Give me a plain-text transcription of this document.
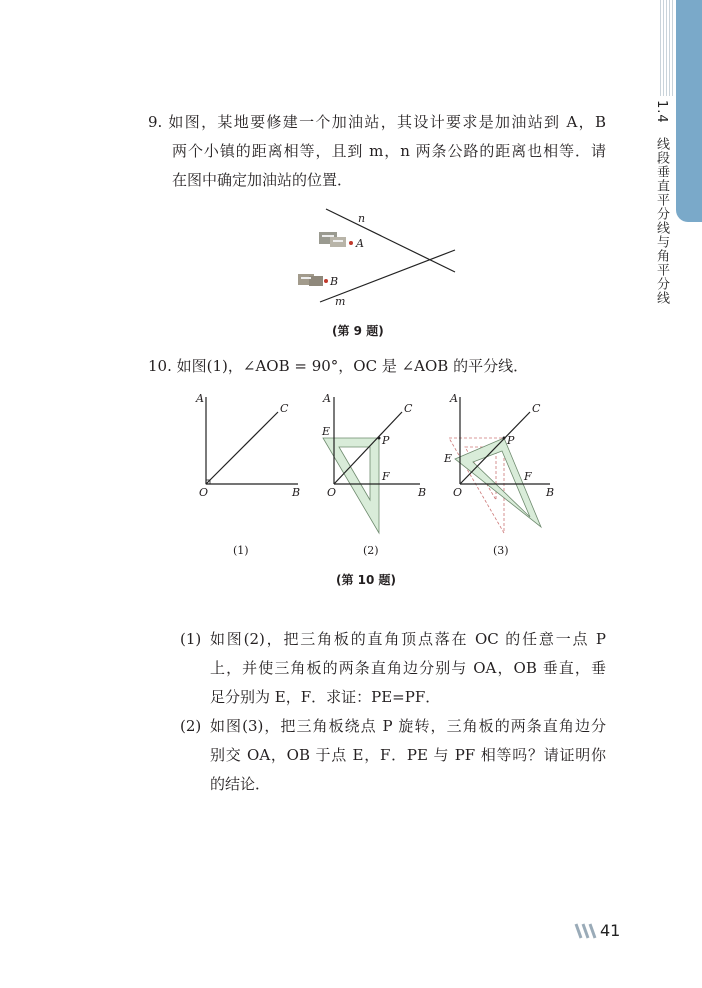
1.4 线段垂直平分线与角平分线
9. 如图，某地要修建一个加油站，其设计要求是加油站到 A，B
两个小镇的距离相等，且到 m，n 两条公路的距离也相等．请
在图中确定加油站的位置．
n
A
B
m
A
C
O	B
A
C
E
P
F
O	B
A
C
E
P
F
O	B
(第 9 题)
10. 如图(1)，∠AOB = 90°，OC 是 ∠AOB 的平分线．
(1)	(2)	(3)
(第 10 题)
(1) 如图(2)，把三角板的直角顶点落在 OC 的任意一点 P
上，并使三角板的两条直角边分别与 OA，OB 垂直，垂
足分别为 E，F．求证：PE=PF．
(2) 如图(3)，把三角板绕点 P 旋转，三角板的两条直角边分
别交 OA，OB 于点 E，F．PE 与 PF 相等吗？请证明你
的结论．
41
